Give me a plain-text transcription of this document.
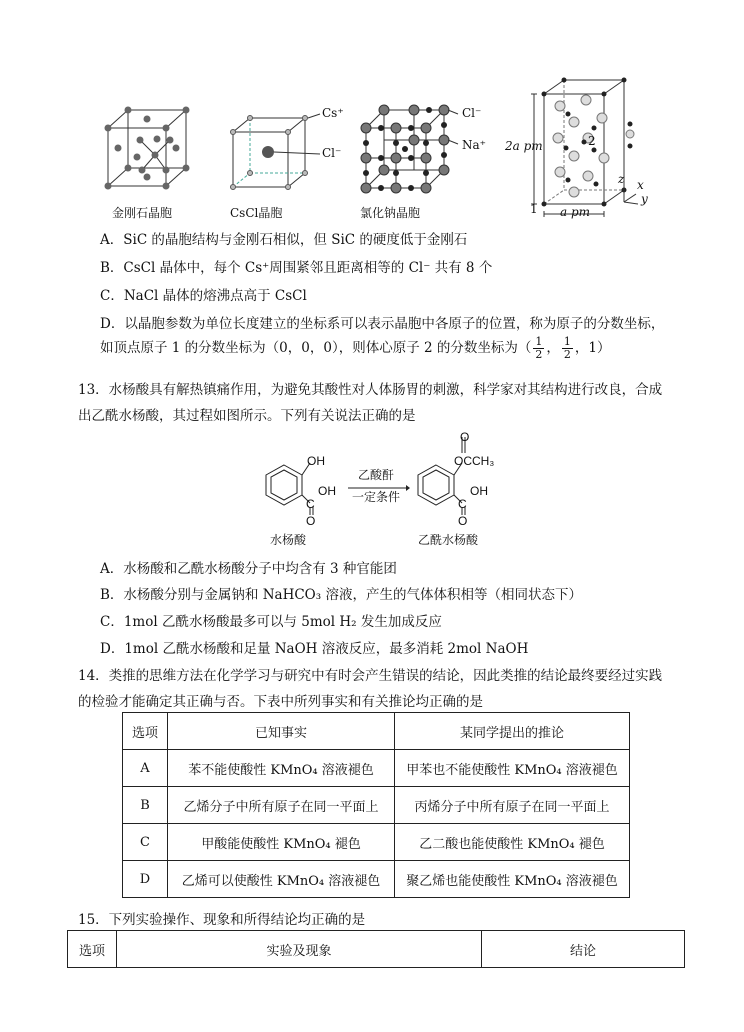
金刚石晶胞
Cs⁺
Cl⁻
CsCl晶胞
Cl⁻
Na⁺
氯化钠晶胞
2a pm
a pm
1
2
z x
y
A．SiC 的晶胞结构与金刚石相似，但 SiC 的硬度低于金刚石
B．CsCl 晶体中，每个 Cs⁺周围紧邻且距离相等的 Cl⁻ 共有 8 个
C．NaCl 晶体的熔沸点高于 CsCl
D．以晶胞参数为单位长度建立的坐标系可以表示晶胞中各原子的位置，称为原子的分数坐标，
如顶点原子 1 的分数坐标为（0，0，0），则体心原子 2 的分数坐标为（ $\frac{1}{2}$ ， $\frac{1}{2}$ ，1）
13．水杨酸具有解热镇痛作用，为避免其酸性对人体肠胃的刺激，科学家对其结构进行改良，合成
出乙酰水杨酸，其过程如图所示。下列有关说法正确的是
OH
C
OH
O
乙酸酐
一定条件
O
OCCH₃
C
OH
O
水杨酸	乙酰水杨酸
A．水杨酸和乙酰水杨酸分子中均含有 3 种官能团
B．水杨酸分别与金属钠和 NaHCO₃ 溶液，产生的气体体积相等（相同状态下）
C．1mol 乙酰水杨酸最多可以与 5mol H₂ 发生加成反应
D．1mol 乙酰水杨酸和足量 NaOH 溶液反应，最多消耗 2mol NaOH
14．类推的思维方法在化学学习与研究中有时会产生错误的结论，因此类推的结论最终要经过实践
的检验才能确定其正确与否。下表中所列事实和有关推论均正确的是
选项	已知事实	某同学提出的推论
A	苯不能使酸性 KMnO₄ 溶液褪色	甲苯也不能使酸性 KMnO₄ 溶液褪色
B	乙烯分子中所有原子在同一平面上	丙烯分子中所有原子在同一平面上
C	甲酸能使酸性 KMnO₄ 褪色	乙二酸也能使酸性 KMnO₄ 褪色
D	乙烯可以使酸性 KMnO₄ 溶液褪色	聚乙烯也能使酸性 KMnO₄ 溶液褪色
15．下列实验操作、现象和所得结论均正确的是
选项	实验及现象	结论
